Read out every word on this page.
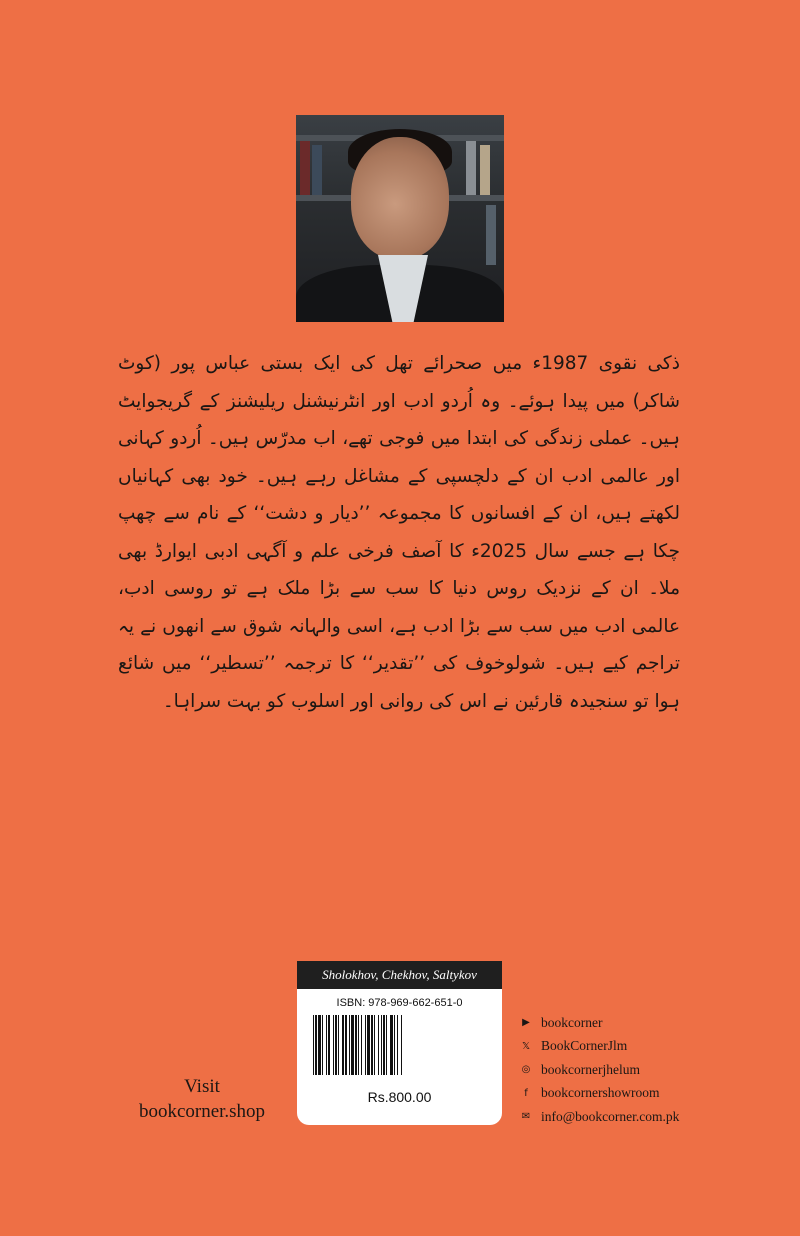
ذکی نقوی 1987ء میں صحرائے تھل کی ایک بستی عباس پور (کوٹ شاکر) میں پیدا ہوئے۔ وہ اُردو ادب اور انٹرنیشنل ریلیشنز کے گریجوایٹ ہیں۔ عملی زندگی کی ابتدا میں فوجی تھے، اب مدرّس ہیں۔ اُردو کہانی اور عالمی ادب ان کے دلچسپی کے مشاغل رہے ہیں۔ خود بھی کہانیاں لکھتے ہیں، ان کے افسانوں کا مجموعہ ’’دیار و دشت‘‘ کے نام سے چھپ چکا ہے جسے سال 2025ء کا آصف فرخی علم و آگہی ادبی ایوارڈ بھی ملا۔ ان کے نزدیک روس دنیا کا سب سے بڑا ملک ہے تو روسی ادب، عالمی ادب میں سب سے بڑا ادب ہے، اسی والہانہ شوق سے انھوں نے یہ تراجم کیے ہیں۔ شولوخوف کی ’’تقدیر‘‘ کا ترجمہ ’’تسطیر‘‘ میں شائع ہوا تو سنجیدہ قارئین نے اس کی روانی اور اسلوب کو بہت سراہا۔
Sholokhov, Chekhov, Saltykov
ISBN: 978-969-662-651-0
Rs.800.00
Visit
bookcorner.shop
▶ bookcorner
𝕏 BookCornerJlm
◎ bookcornerjhelum
f bookcornershowroom
✉ info@bookcorner.com.pk
